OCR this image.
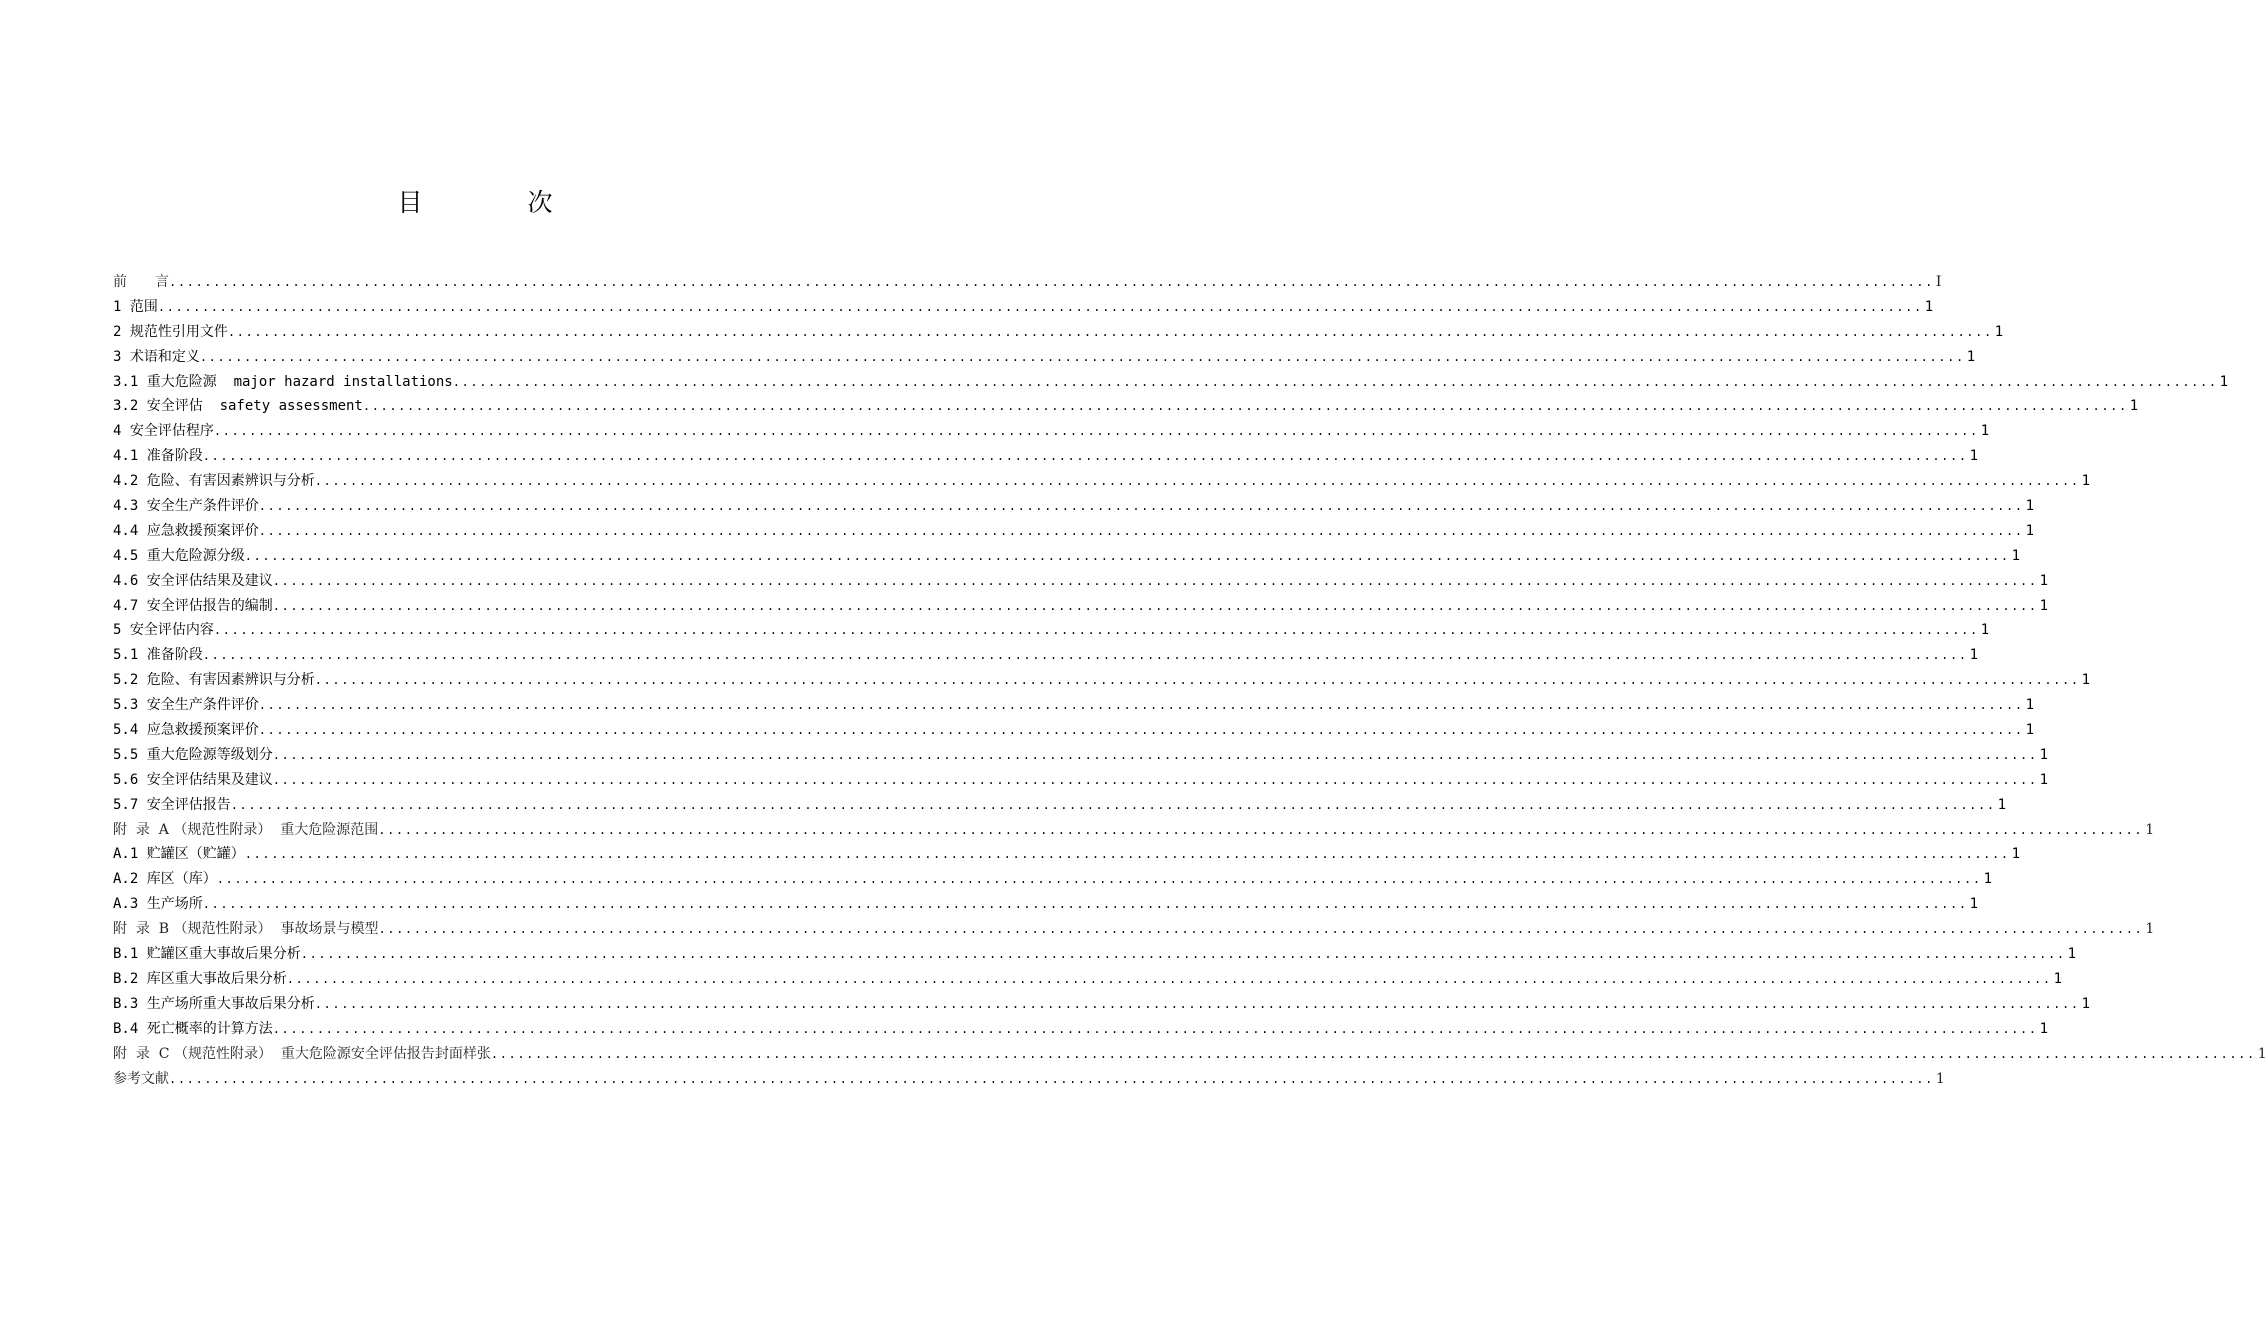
目　次
前　　言 ........................................................................................................................................................................................................ I
1 范围 ........................................................................................................................................................................................................ 1
2 规范性引用文件 ........................................................................................................................................................................................................ 1
3 术语和定义 ........................................................................................................................................................................................................ 1
3.1 重大危险源  major hazard installations ........................................................................................................................................................................................................ 1
3.2 安全评估  safety assessment ........................................................................................................................................................................................................ 1
4 安全评估程序 ........................................................................................................................................................................................................ 1
4.1 准备阶段 ........................................................................................................................................................................................................ 1
4.2 危险、有害因素辨识与分析 ........................................................................................................................................................................................................ 1
4.3 安全生产条件评价 ........................................................................................................................................................................................................ 1
4.4 应急救援预案评价 ........................................................................................................................................................................................................ 1
4.5 重大危险源分级 ........................................................................................................................................................................................................ 1
4.6 安全评估结果及建议 ........................................................................................................................................................................................................ 1
4.7 安全评估报告的编制 ........................................................................................................................................................................................................ 1
5 安全评估内容 ........................................................................................................................................................................................................ 1
5.1 准备阶段 ........................................................................................................................................................................................................ 1
5.2 危险、有害因素辨识与分析 ........................................................................................................................................................................................................ 1
5.3 安全生产条件评价 ........................................................................................................................................................................................................ 1
5.4 应急救援预案评价 ........................................................................................................................................................................................................ 1
5.5 重大危险源等级划分 ........................................................................................................................................................................................................ 1
5.6 安全评估结果及建议 ........................................................................................................................................................................................................ 1
5.7 安全评估报告 ........................................................................................................................................................................................................ 1
附  录  A （规范性附录）  重大危险源范围 ........................................................................................................................................................................................................ 1
A.1 贮罐区（贮罐） ........................................................................................................................................................................................................ 1
A.2 库区（库） ........................................................................................................................................................................................................ 1
A.3 生产场所 ........................................................................................................................................................................................................ 1
附  录  B （规范性附录）  事故场景与模型 ........................................................................................................................................................................................................ 1
B.1 贮罐区重大事故后果分析 ........................................................................................................................................................................................................ 1
B.2 库区重大事故后果分析 ........................................................................................................................................................................................................ 1
B.3 生产场所重大事故后果分析 ........................................................................................................................................................................................................ 1
B.4 死亡概率的计算方法 ........................................................................................................................................................................................................ 1
附  录  C （规范性附录）  重大危险源安全评估报告封面样张 ........................................................................................................................................................................................................ 1
参考文献 ........................................................................................................................................................................................................ 1
